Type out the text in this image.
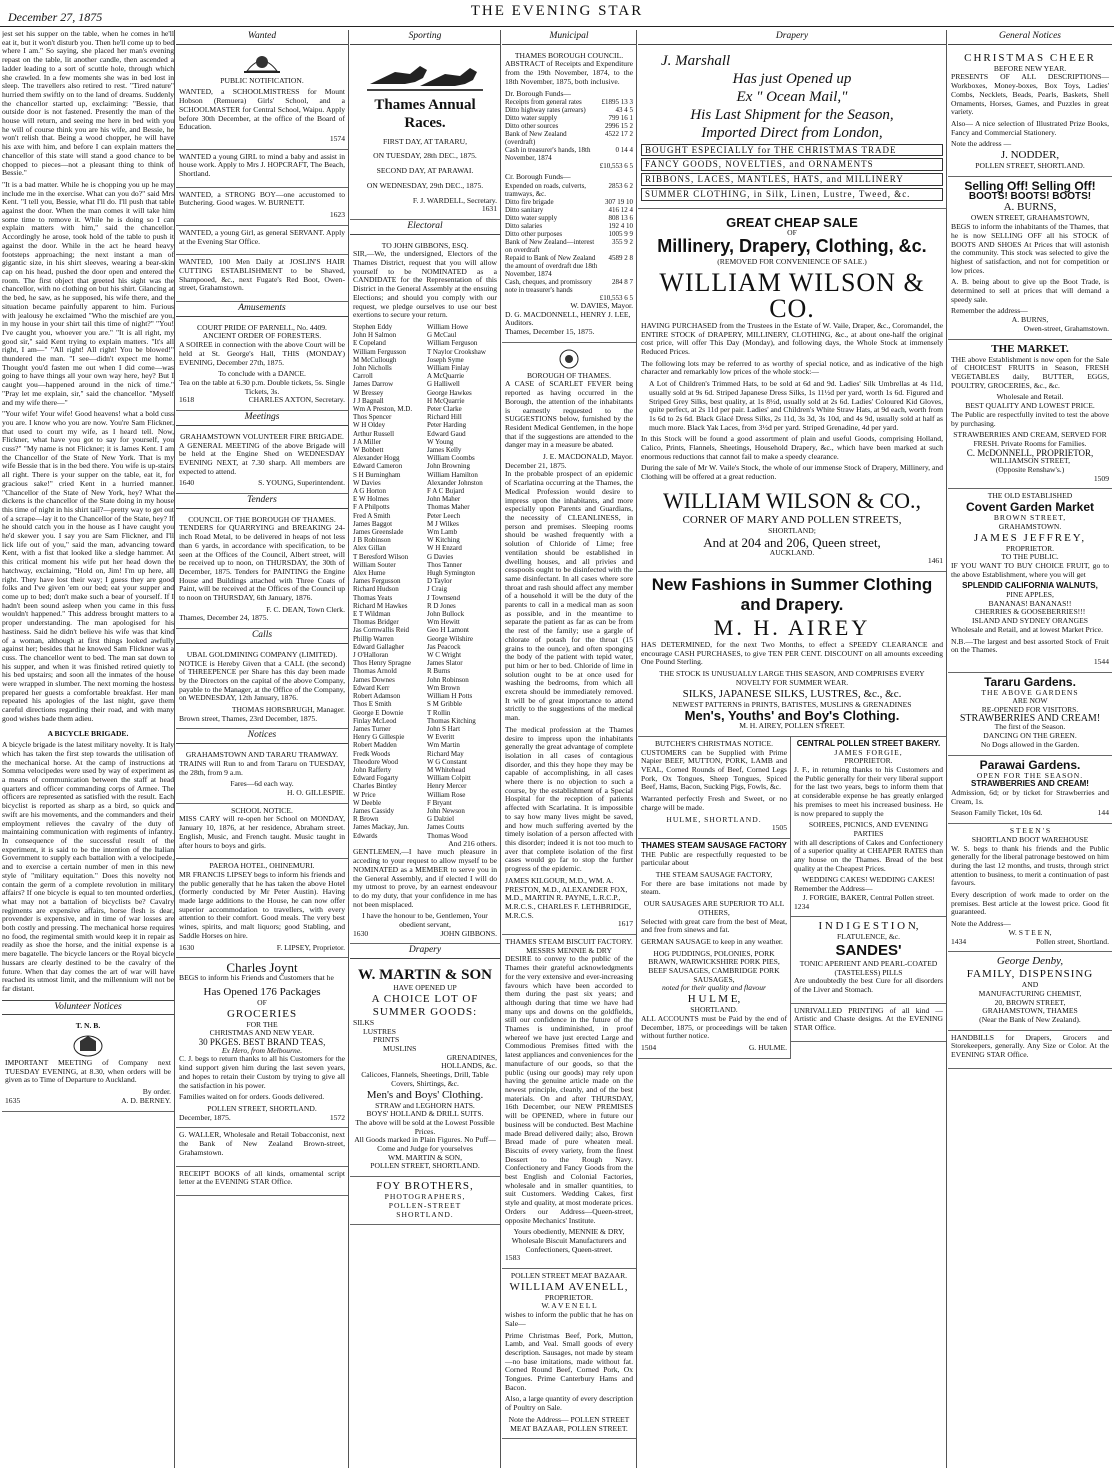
December 27, 1875	THE EVENING STAR

jest set his supper on the table, when he comes in he'll eat it, but it won't disturb you. Then he'll come up to bed where I am." So saying, she placed her man's evening repast on the table, lit another candle, then ascended a ladder leading to a sort of scuttle hole, through which she crawled. In a few moments she was in bed lost in sleep. The travellers also retired to rest. "Tired nature" hurried them swiftly on to the land of dreams. Suddenly the chancellor started up, exclaiming: "Bessie, that outside door is not fastened. Presently the man of the house will return, and seeing me here in bed with you he will of course think you are his wife, and Bessie, he won't relish that. Being a wood chopper, he will have his axe with him, and before I can explain matters the chancellor of this state will stand a good chance to be chopped to pieces—not a pleasant thing to think of Bessie."

"It is a bad matter. While he is chopping you up he may include me in the exercise. What can you do?" said Mrs Kent. "I tell you, Bessie, what I'll do. I'll push that table against the door. When the man comes it will take him some time to remove it. While he is doing so I can explain matters with him," said the chancellor. Accordingly he arose, took hold of the table to push it against the door. While in the act he heard heavy footsteps approaching; the next instant a man of gigantic size, in his shirt sleeves, wearing a bear-skin cap on his head, pushed the door open and entered the room. The first object that greeted his sight was the chancellor, with no clothing on but his shirt. Glancing at the bed, he saw, as he supposed, his wife there, and the situation became painfully apparent to him. Furious with jealousy he exclaimed "Who the mischief are you, in my house in your shirt tail this time of night?" "You! I've caught you, whoever you are." "It is all right, my good sir," said Kent trying to explain matters. "It's all right, I am—" "All right! All right! You be blowed!" thundered the man. "I see—didn't expect me home. Thought you'd fasten me out when I did come—was going to have things all your own way here, hey? But I caught you—happened around in the nick of time." "Pray let me explain, sir," said the chancellor. "Myself and my wife there—"

"Your wife! Your wife! Good heavens! what a bold cuss you are. I know who you are now. You're Sam Flickner, that used to court my wife, as I heard tell. Now, Flickner, what have you got to say for yourself, you cuss?" "My name is not Flickner; it is James Kent. I am the Chancellor of the State of New York. That is my wife Bessie that is in the bed there. You wife is up-stairs all right. There is your supper on the table, eat it, for gracious sake!" cried Kent in a hurried manner. "Chancellor of the State of New York, hey? What the dickens is the chancellor of the State doing in my house this time of night in his shirt tail?—pretty way to get out of a scrape—lay it to the Chancellor of the State, hey? If he should catch you in the house as I have caught you he'd skewer you. I say you are Sam Flickner, and I'll lick life out of you," said the man, advancing toward Kent, with a fist that looked like a sledge hammer. At this critical moment his wife put her head down the hatchway, exclaiming, "Hold on, Jim! I'm up here, all right. They have lost their way; I guess they are good folks and I've given 'em our bed; eat your supper and come up to bed; don't make such a bear of yourself. If I hadn't been sound asleep when you came in this fuss wouldn't happened." This address brought matters to a proper understanding. The man apologised for his hastiness. Said he didn't believe his wife was that kind of a woman, although at first things looked awfully against her; besides that he knowed Sam Flickner was a cuss. The chancellor went to bed. The man sat down to his supper, and when it was finished retired quietly to his bed upstairs; and soon all the inmates of the house were wrapped in slumber. The next morning the hostess prepared her guests a comfortable breakfast. Her man repeated his apologies of the last night, gave them careful directions regarding their road, and with many good wishes bade them adieu.

A BICYCLE BRIGADE.

A bicycle brigade is the latest military novelty. It is Italy which has taken the first step towards the utilisation of the mechanical horse. At the camp of instructions at Somma velocipedes were used by way of experiment as a means of communication between the staff at head quarters and officer commanding corps of Armee. The officers are represented as satisfied with the result. Each bicyclist is reported as sharp as a bird, so quick and swift are his movements, and the commanders and their employment relieves the cavalry of the duty of maintaining communication with regiments of infantry. In consequence of the successful result of the experiment, it is said to be the intention of the Italian Government to supply each battalion with a velocipede, and to exercise a certain number of men in this new style of "military equitation." Does this novelty not contain the germ of a complete revolution in military affairs? If one bicycle is equal to ten mounted orderlies, what may not a battalion of bicyclists be? Cavalry regiments are expensive affairs, horse flesh is dear, provender is expensive, and in time of war losses are both costly and pressing. The mechanical horse requires no food, the regimental smith would keep it in repair as readily as shoe the horse, and the initial expense is a mere bagatelle. The bicycle lancers or the Royal bicycle hussars are clearly destined to be the cavalry of the future. When that day comes the art of war will have reached its utmost limit, and the millennium will not be far distant.

Volunteer Notices
T. N. B.

IMPORTANT MEETING of Company next TUESDAY EVENING, at 8.30, when orders will be given as to Time of Departure to Auckland.

By order.
1635	A. D. BERNEY.
Wanted
PUBLIC NOTIFICATION.

WANTED, a SCHOOLMISTRESS for Mount Hobson (Remuera) Girls' School, and a SCHOOLMASTER for Central School, Waipu. Apply before 30th December, at the office of the Board of Education.

1574

WANTED a young GIRL to mind a baby and assist in house work. Apply to Mrs J. HOPCRAFT, The Beach, Shortland.

WANTED, a STRONG BOY—one accustomed to Butchering. Good wages. W. BURNETT.

1623

WANTED, a young Girl, as general SERVANT. Apply at the Evening Star Office.

WANTED, 100 Men Daily at JOSLIN'S HAIR CUTTING ESTABLISHMENT to be Shaved, Shampooed, &c., next Fugate's Red Boot, Owen-street, Grahamstown.

Amusements
COURT PRIDE OF PARNELL, No. 4409.
ANCIENT ORDER OF FORESTERS.

A SOIREE in connection with the above Court will be held at St. George's Hall, THIS (MONDAY) EVENING, December 27th, 1875.

To conclude with a DANCE.
Tea on the table at 6.30 p.m. Double tickets, 5s. Single Tickets, 3s.
1618	CHARLES AXTON, Secretary.
Meetings
GRAHAMSTOWN VOLUNTEER FIRE BRIGADE.

A GENERAL MEETING of the above Brigade will be held at the Engine Shed on WEDNESDAY EVENING NEXT, at 7.30 sharp. All members are expected to attend.

1640	S. YOUNG, Superintendent.
Tenders
COUNCIL OF THE BOROUGH OF THAMES.

TENDERS for QUARRYING and BREAKING 24-inch Road Metal, to be delivered in heaps of not less than 6 yards, in accordance with specification, to be seen at the Offices of the Council, Albert street, will be received up to noon, on THURSDAY, the 30th of December, 1875. Tenders for PAINTING the Engine House and Buildings attached with Three Coats of Paint, will be received at the Offices of the Council up to noon on THURSDAY, 6th January, 1876.

F. C. DEAN, Town Clerk.
Thames, December 24, 1875.
Calls
UBAL GOLDMINING COMPANY (LIMITED).

NOTICE is Hereby Given that a CALL (the second) of THREEPENCE per Share has this day been made by the Directors on the capital of the above Company, payable to the Manager, at the Office of the Company, on WEDNESDAY, 12th January, 1876.

THOMAS HORSBRUGH, Manager.
Brown street, Thames, 23rd December, 1875.
Notices
GRAHAMSTOWN AND TARARU TRAMWAY.

TRAINS will Run to and from Tararu on TUESDAY, the 28th, from 9 a.m.

Fares—6d each way.
H. O. GILLESPIE.
SCHOOL NOTICE.

MISS CARY will re-open her School on MONDAY, January 10, 1876, at her residence, Abraham street. English, Music, and French taught. Music taught in after hours to boys and girls.

PAEROA HOTEL, OHINEMURI.

MR FRANCIS LIPSEY begs to inform his friends and the public generally that he has taken the above Hotel (formerly conducted by Mr Peter Austin). Having made large additions to the House, he can now offer superior accommodation to travellers, with every attention to their comfort. Good meals. The very best wines, spirits, and malt liquors; good Stabling, and Saddle Horses on hire.

1630	F. LIPSEY, Proprietor.
Charles Joynt

BEGS to inform his Friends and Customers that he

Has Opened 176 Packages
OF
GROCERIES
FOR THE
CHRISTMAS AND NEW YEAR.
30 PKGES. BEST BRAND TEAS,
Ex Hero, from Melbourne.

C. J. begs to return thanks to all his Customers for the kind support given him during the last seven years, and hopes to retain their Custom by trying to give all the satisfaction in his power.

Families waited on for orders. Goods delivered.

POLLEN STREET, SHORTLAND.
December, 1875.	1572

G. WALLER, Wholesale and Retail Tobacconist, next the Bank of New Zealand Brown-street, Grahamstown.

RECEIPT BOOKS of all kinds, ornamental script letter at the EVENING STAR Office.

Sporting
Thames Annual Races.
FIRST DAY, AT TARARU,
ON TUESDAY, 28th DEC., 1875.
SECOND DAY, AT PARAWAI.
ON WEDNESDAY, 29th DEC., 1875.
F. J. WARDELL, Secretary.
1631
Electoral
TO JOHN GIBBONS, ESQ.

SIR,—We, the undersigned, Electors of the Thames District, request that you will allow yourself to be NOMINATED as a CANDIDATE for the Representation of this District in the General Assembly at the ensuing Elections; and should you comply with our request, we pledge ourselves to use our best exertions to secure your return.

Stephen Eddy
John H Salmon
E Copeland
William Fergusson
M McCullough
John Nicholls
Carroll
James Darrow
W Bressey
J J Bagnall
Wm A Preston, M.D.
Thos Spencer
W H Oldey
Arthur Russell
J A Miller
W Bobbett
Alexander Hogg
Edward Cameron
S H Burningham
W Davies
A G Horton
E W Holmes
F A Philpotts
Fred A Smith
James Baggot
James Greenslade
J B Robinson
Alex Gillan
T Beresford Wilson
William Souter
Alex Hume
James Fergusson
Richard Hudson
Thomas Yeats
Richard M Hawkes
E T Wildman
Thomas Bridger
Jas Cornwallis Reid
Phillip Warren
Edward Gallagher
J O'Halloran
Thos Henry Spragne
Thomas Arnold
James Downes
Edward Kerr
Robert Adamson
Thos E Smith
George E Downie
Finlay McLeod
James Turner
Henry G Gillespie
Robert Madden
Fredk Woods
Theodore Wood
John Rafferty
Edward Fogarty
Charles Bintley
W Price
W Deeble
James Cassidy
R Brown
James Mackay, Jun.
Edwards
William Howe
G McCaul
William Ferguson
T Naylor Crookshaw
Joseph Syme
William Finlay
A McQuarrie
G Halliwell
George Hawkes
H McQuarrie
Peter Clarke
Richard Hill
Peter Harding
Edward Gaud
W Young
James Kelly
William Coombs
John Browning
William Hamilton
Alexander Johnston
F A C Bujard
John Maher
Thomas Maher
Peter Leech
M J Wilkes
Wm Lamb
W Kitching
W H Enzard
G Davies
Thos Tanner
Hugh Symington
D Taylor
J Craig
J Townsend
R D Jones
John Bullock
Wm Hewitt
Geo H Lamont
George Wilshire
Jas Peacock
W C Wright
James Slator
R Burns
John Robinson
Wm Brown
William H Potts
S M Gribble
T Rollin
Thomas Kitching
John S Hart
W Everitt
Wm Martin
Richard May
W G Constant
M Whitehead
William Colpitt
Henry Mercer
William Rose
F Bryant
John Newson
G Dalziel
James Coutts
Thomas Wood
And 216 others.

GENTLEMEN,—I have much pleasure in acceding to your request to allow myself to be NOMINATED as a MEMBER to serve you in the General Assembly, and if elected I will do my utmost to prove, by an earnest endeavour to do my duty, that your confidence in me has not been misplaced.

I have the honour to be, Gentlemen, Your obedient servant,
1630	JOHN GIBBONS.
Drapery
W. MARTIN & SON
HAVE OPENED UP
A CHOICE LOT OF SUMMER GOODS:
SILKS
LUSTRES
PRINTS
MUSLINS
GRENADINES,
HOLLANDS, &c.
Calicoes, Flannels, Sheetings, Drill, Table Covers, Shirtings, &c.
Men's and Boys' Clothing.
STRAW and LEGHORN HATS.
BOYS' HOLLAND & DRILL SUITS.
The above will be sold at the Lowest Possible Prices.
All Goods marked in Plain Figures. No Puff—Come and Judge for yourselves
WM. MARTIN & SON,
POLLEN STREET, SHORTLAND.
FOY BROTHERS,
PHOTOGRAPHERS,
POLLEN-STREET
SHORTLAND.
Municipal
THAMES BOROUGH COUNCIL.

ABSTRACT of Receipts and Expenditure from the 19th November, 1874, to the 18th November, 1875, both inclusive.

Dr. Borough Funds—
Receipts from general rates	£1895 13 3
Ditto highway rates (arrears)	43 4 5
Ditto water supply	799 16 1
Ditto other sources	2996 15 2
Bank of New Zealand (overdraft)	4522 17 2
Cash in treasurer's hands, 18th November, 1874	0 14 4
	£10,553 6 5
Cr. Borough Funds—
Expended on roads, culverts, tramways, &c.	2853 6 2
Ditto fire brigade	307 19 10
Ditto sanitary	416 12 4
Ditto water supply	808 13 6
Ditto salaries	192 4 10
Ditto other purposes	1005 9 9
Bank of New Zealand—interest on overdraft	355 9 2
Repaid to Bank of New Zealand the amount of overdraft due 18th November, 1874	4589 2 8
Cash, cheques, and promissory note in treasurer's hands	284 8 7
	£10,553 6 5
W. DAVIES, Mayor.
D. G. MACDONNELL, HENRY J. LEE, Auditors.
Thames, December 15, 1875.
BOROUGH OF THAMES.

A CASE of SCARLET FEVER being reported as having occurred in the Borough, the attention of the inhabitants is earnestly requested to the SUGGESTIONS below, furnished by the Resident Medical Gentlemen, in the hope that if the suggestions are attended to the danger may in a measure be abated.

J. E. MACDONALD, Mayor.
December 21, 1875.

In the probable prospect of an epidemic of Scarlatina occurring at the Thames, the Medical Profession would desire to impress upon the inhabitants, and more especially upon Parents and Guardians, the necessity of CLEANLINESS, in person and premises. Sleeping rooms should be washed frequently with a solution of Chloride of Lime; free ventilation should be established in dwelling houses, and all privies and cesspools ought to be disinfected with the same disinfectant. In all cases where sore throat and rash should affect any member of a household it will be the duty of the parents to call in a medical man as soon as possible, and in the meantime to separate the patient as far as can be from the rest of the family; use a gargle of chlorate of potash for the throat (15 grains to the ounce), and often sponging the body of the patient with tepid water, put him or her to bed. Chloride of lime in solution ought to be at once used for washing the bedrooms, from which all excreta should be immediately removed. It will be of great importance to attend strictly to the suggestions of the medical man.

The medical profession at the Thames desire to impress upon the inhabitants generally the great advantage of complete isolation in all cases of contagious disorder, and this they hope they may be capable of accomplishing, in all cases where there is no objection to such a course, by the establishment of a Special Hospital for the reception of patients affected with Scarlatina. It is impossible to say how many lives might be saved, and how much suffering averted by the timely isolation of a person affected with this disorder; indeed it is not too much to aver that complete isolation of the first cases would go far to stop the further progress of the epidemic.

JAMES KILGOUR, M.D., WM. A. PRESTON, M.D., ALEXANDER FOX, M.D., MARTIN R. PAYNE, L.R.C.P., M.R.C.S., CHARLES F. LETHBRIDGE, M.R.C.S.
1617
THAMES STEAM BISCUIT FACTORY.
MESSRS MENNIE & DRY

DESIRE to convey to the public of the Thames their grateful acknowledgments for the very extensive and ever-increasing favours which have been accorded to them during the past six years; and although during that time we have had many ups and downs on the goldfields, still our confidence in the future of the Thames is undiminished, in proof whereof we have just erected Large and Commodious Premises fitted with the latest appliances and conveniences for the manufacture of our goods, so that the public (using our goods) may rely upon having the genuine article made on the newest principle, cleanly, and of the best materials. On and after THURSDAY, 16th December, our NEW PREMISES will be OPENED, where in future our business will be conducted. Best Machine made Bread delivered daily; also, Brown Bread made of pure wheaten meal. Biscuits of every variety, from the finest Dessert to the Rough Navy. Confectionery and Fancy Goods from the best English and Colonial Factories, wholesale and in smaller quantities, to suit Customers. Wedding Cakes, first style and quality, at most moderate prices. Orders our Address—Queen-street, opposite Mechanics' Institute.

Yours obediently, MENNIE & DRY, Wholesale Biscuit Manufacturers and Confectioners, Queen-street.
1583
POLLEN STREET MEAT BAZAAR.
WILLIAM AVENELL,
PROPRIETOR.
W. A V E N E L L

wishes to inform the public that he has on Sale—

Prime Christmas Beef, Pork, Mutton, Lamb, and Veal. Small goods of every description. Sausages, not made by steam—no base imitations, made without fat. Corned Round Beef, Corned Pork, Ox Tongues. Prime Canterbury Hams and Bacon.

Also, a large quantity of every description of Poultry on Sale.

Note the Address— POLLEN STREET MEAT BAZAAR, POLLEN STREET.
Drapery
J. Marshall
Has just Opened up
Ex " Ocean Mail,"
His Last Shipment for the Season,
Imported Direct from London,
BOUGHT ESPECIALLY for THE CHRISTMAS TRADE
FANCY GOODS, NOVELTIES, and ORNAMENTS
RIBBONS, LACES, MANTLES, HATS, and MILLINERY
SUMMER CLOTHING, in Silk, Linen, Lustre, Tweed, &c.
GREAT CHEAP SALE
OF
Millinery, Drapery, Clothing, &c.
(REMOVED FOR CONVENIENCE OF SALE.)
WILLIAM WILSON & CO.

HAVING PURCHASED from the Trustees in the Estate of W. Vaile, Draper, &c., Coromandel, the ENTIRE STOCK of DRAPERY, MILLINERY, CLOTHING, &c., at about one-half the original cost price, will offer This Day (Monday), and following days, the Whole Stock at immensely Reduced Prices.

The following lots may be referred to as worthy of special notice, and as indicative of the high character and remarkably low prices of the whole stock:—

A Lot of Children's Trimmed Hats, to be sold at 6d and 9d. Ladies' Silk Umbrellas at 4s 11d, usually sold at 9s 6d. Striped Japanese Dress Silks, 1s 11½d per yard, worth 1s 6d. Figured and Striped Grey Silks, best quality, at 1s 8½d, usually sold at 2s 6d. Ladies' Coloured Kid Gloves, quite perfect, at 2s 11d per pair. Ladies' and Children's White Straw Hats, at 9d each, worth from 1s 6d to 2s 6d. Black Glacé Dress Silks, 2s 11d, 3s 3d, 3s 10d, and 4s 9d, usually sold at half as much more. Black Yak Laces, from 3½d per yard. Striped Grenadine, 4d per yard.

In this Stock will be found a good assortment of plain and useful Goods, comprising Holland, Calico, Prints, Flannels, Sheetings, Household Drapery, &c., which have been marked at such enormous reductions that cannot fail to make a speedy clearance.

During the sale of Mr W. Vaile's Stock, the whole of our immense Stock of Drapery, Millinery, and Clothing will be offered at a great reduction.

WILLIAM WILSON & CO.,
CORNER OF MARY AND POLLEN STREETS,
SHORTLAND;
And at 204 and 206, Queen street,
AUCKLAND.
1461
New Fashions in Summer Clothing and Drapery.
M. H. AIREY

HAS DETERMINED, for the next Two Months, to effect a SPEEDY CLEARANCE and encourage CASH PURCHASES, to give TEN PER CENT. DISCOUNT on all amounts exceeding One Pound Sterling.

THE STOCK IS UNUSUALLY LARGE THIS SEASON, AND COMPRISES EVERY NOVELTY FOR SUMMER WEAR.
SILKS, JAPANESE SILKS, LUSTRES, &c., &c.
NEWEST PATTERNS in PRINTS, BATISTES, MUSLINS & GRENADINES
Men's, Youths' and Boy's Clothing.
M. H. AIREY, POLLEN STREET.
BUTCHER'S CHRISTMAS NOTICE.

CUSTOMERS can be Supplied with Prime Napier BEEF, MUTTON, PORK, LAMB and VEAL, Corned Rounds of Beef, Corned Legs Pork, Ox Tongues, Sheep Tongues, Spiced Beef, Hams, Bacon, Sucking Pigs, Fowls, &c.

Warranted perfectly Fresh and Sweet, or no charge will be made.

HULME, SHORTLAND.
1505
THAMES STEAM SAUSAGE FACTORY

THE Public are respectfully requested to be particular about

THE STEAM SAUSAGE FACTORY,

For there are base imitations not made by steam.

OUR SAUSAGES ARE SUPERIOR TO ALL OTHERS,

Selected with great care from the best of Meat, and free from sinews and fat.

GERMAN SAUSAGE to keep in any weather.

HOG PUDDINGS, POLONIES, PORK BRAWN, WARWICKSHIRE PORK PIES, BEEF SAUSAGES, CAMBRIDGE PORK SAUSAGES,
noted for their quality and flavour
H U L M E,
SHORTLAND.

ALL ACCOUNTS must be Paid by the end of December, 1875, or proceedings will be taken without further notice.

1504	G. HULME.
CENTRAL POLLEN STREET BAKERY.
JAMES FORGIE,
PROPRIETOR.

J. F., in returning thanks to his Customers and the Public generally for their very liberal support for the last two years, begs to inform them that at considerable expense he has greatly enlarged his premises to meet his increased business. He is now prepared to supply the

SOIREES, PICNICS, AND EVENING PARTIES

with all descriptions of Cakes and Confectionery of a superior quality at CHEAPER RATES than any house on the Thames. Bread of the best quality at the Cheapest Prices.

WEDDING CAKES! WEDDING CAKES!
Remember the Address—
J. FORGIE, BAKER, Central Pollen street.
1234
I N D I G E S T I O N,
FLATULENCE, &c.
SANDES'
TONIC APERIENT AND PEARL-COATED (TASTELESS) PILLS

Are undoubtedly the best Cure for all disorders of the Liver and Stomach.

UNRIVALLED PRINTING of all kind —Artistic and Chaste designs. At the EVENING STAR Office.

General Notices
CHRISTMAS CHEER
BEFORE NEW YEAR.

PRESENTS OF ALL DESCRIPTIONS— Workboxes, Money-boxes, Box Toys, Ladies' Combs, Necklets, Beads, Pearls, Baskets, Shell Ornaments, Horses, Games, and Puzzles in great variety.

Also— A nice selection of Illustrated Prize Books, Fancy and Commercial Stationery.

Note the address —
J. NODDER,
POLLEN STREET, SHORTLAND.
Selling Off! Selling Off!
BOOTS! BOOTS! BOOTS!
A. BURNS,
OWEN STREET, GRAHAMSTOWN,

BEGS to inform the inhabitants of the Thames, that he is now SELLING OFF all his STOCK of BOOTS AND SHOES At Prices that will astonish the community. This stock was selected to give the highest of satisfaction, and not for competition or low prices.

A. B. being about to give up the Boot Trade, is determined to sell at prices that will demand a speedy sale.

Remember the address—
A. BURNS,
Owen-street, Grahamstown.
THE MARKET.

THE above Establishment is now open for the Sale of CHOICEST FRUITS in Season, FRESH VEGETABLES daily, BUTTER, EGGS, POULTRY, GROCERIES, &c., &c.

Wholesale and Retail.
BEST QUALITY AND LOWEST PRICE.

The Public are respectfully invited to test the above by purchasing.

STRAWBERRIES AND CREAM, SERVED FOR FRESH. Private Rooms for Families.
C. McDONNELL, PROPRIETOR,
WILLIAMSON STREET,
(Opposite Renshaw's.)
1509
THE OLD ESTABLISHED
Covent Garden Market
BROWN STREET,
GRAHAMSTOWN.
JAMES JEFFREY,
PROPRIETOR.
TO THE PUBLIC.

IF YOU WANT TO BUY CHOICE FRUIT, go to the above Establishment, where you will get

SPLENDID CALIFORNIA WALNUTS,
PINE APPLES,
BANANAS! BANANAS!!
CHERRIES & GOOSEBERRIES!!!
ISLAND AND SYDNEY ORANGES

Wholesale and Retail, and at lowest Market Price.

N.B.—The largest and best assorted Stock of Fruit on the Thames.

1544
Tararu Gardens.
THE ABOVE GARDENS
ARE NOW
RE-OPENED FOR VISITORS.
STRAWBERRIES AND CREAM!
The first of the Season.
DANCING ON THE GREEN.
No Dogs allowed in the Garden.
Parawai Gardens.
OPEN FOR THE SEASON.
STRAWBERRIES AND CREAM!

Admission, 6d; or by ticket for Strawberries and Cream, 1s.

Season Family Ticket, 10s 6d.	144
S T E E N ' S
SHORTLAND BOOT WAREHOUSE

W. S. begs to thank his friends and the Public generally for the liberal patronage bestowed on him during the last 12 months, and trusts, through strict attention to business, to merit a continuation of past favours.

Every description of work made to order on the premises. Best article at the lowest price. Good fit guaranteed.

Note the Address—
W. S T E E N,
1434	Pollen street, Shortland.
George Denby,
FAMILY, DISPENSING
AND
MANUFACTURING CHEMIST,
20, BROWN STREET,
GRAHAMSTOWN, THAMES
(Near the Bank of New Zealand).

HANDBILLS for Drapers, Grocers and Storekeepers, generally. Any Size or Color. At the EVENING STAR Office.
